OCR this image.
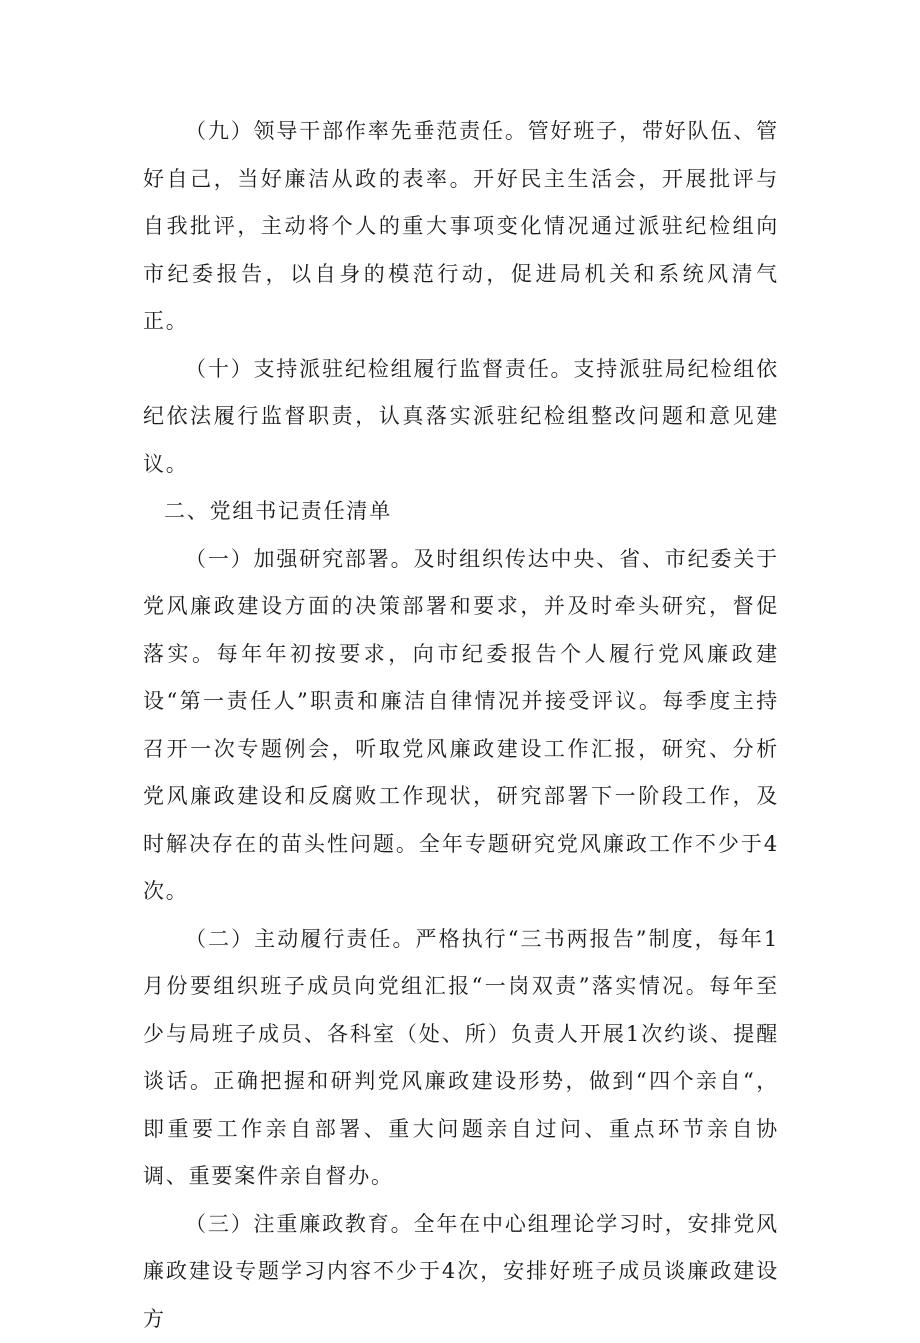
（九）领导干部作率先垂范责任。管好班子，带好队伍、管好自己，当好廉洁从政的表率。开好民主生活会，开展批评与自我批评，主动将个人的重大事项变化情况通过派驻纪检组向市纪委报告，以自身的模范行动，促进局机关和系统风清气正。

（十）支持派驻纪检组履行监督责任。支持派驻局纪检组依纪依法履行监督职责，认真落实派驻纪检组整改问题和意见建议。

二、党组书记责任清单

（一）加强研究部署。及时组织传达中央、省、市纪委关于党风廉政建设方面的决策部署和要求，并及时牵头研究，督促落实。每年年初按要求，向市纪委报告个人履行党风廉政建设“第一责任人”职责和廉洁自律情况并接受评议。每季度主持召开一次专题例会，听取党风廉政建设工作汇报，研究、分析党风廉政建设和反腐败工作现状，研究部署下一阶段工作，及时解决存在的苗头性问题。全年专题研究党风廉政工作不少于4次。

（二）主动履行责任。严格执行“三书两报告”制度，每年1月份要组织班子成员向党组汇报“一岗双责”落实情况。每年至少与局班子成员、各科室（处、所）负责人开展1次约谈、提醒谈话。正确把握和研判党风廉政建设形势，做到“四个亲自“，即重要工作亲自部署、重大问题亲自过问、重点环节亲自协调、重要案件亲自督办。

（三）注重廉政教育。全年在中心组理论学习时，安排党风廉政建设专题学习内容不少于4次，安排好班子成员谈廉政建设方
